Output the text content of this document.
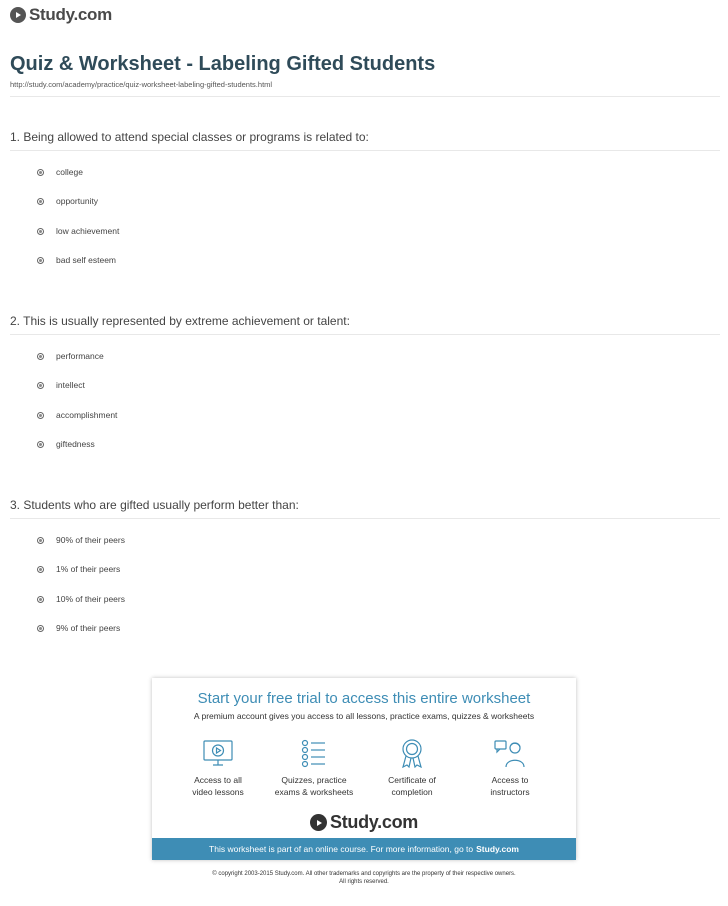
Study.com
Quiz & Worksheet - Labeling Gifted Students
http://study.com/academy/practice/quiz-worksheet-labeling-gifted-students.html
1. Being allowed to attend special classes or programs is related to:
college
opportunity
low achievement
bad self esteem
2. This is usually represented by extreme achievement or talent:
performance
intellect
accomplishment
giftedness
3. Students who are gifted usually perform better than:
90% of their peers
1% of their peers
10% of their peers
9% of their peers
Start your free trial to access this entire worksheet
A premium account gives you access to all lessons, practice exams, quizzes & worksheets
Access to all
video lessons
Quizzes, practice
exams & worksheets
Certificate of
completion
Access to
instructors
Study.com
This worksheet is part of an online course. For more information, go to Study.com
© copyright 2003-2015 Study.com. All other trademarks and copyrights are the property of their respective owners.
All rights reserved.
